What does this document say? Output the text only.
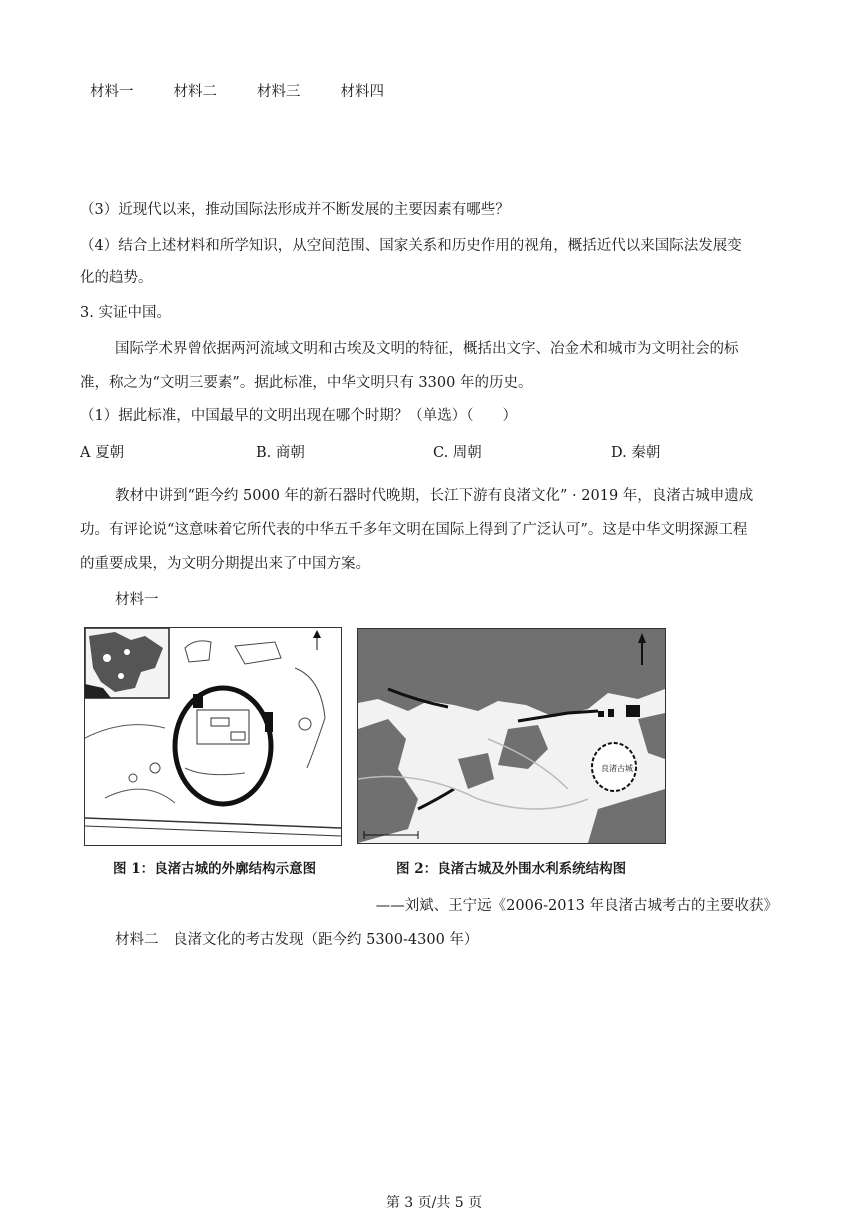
材料一	材料二	材料三	材料四
（3）近现代以来，推动国际法形成并不断发展的主要因素有哪些？
（4）结合上述材料和所学知识，从空间范围、国家关系和历史作用的视角，概括近代以来国际法发展变
化的趋势。
3. 实证中国。
国际学术界曾依据两河流域文明和古埃及文明的特征，概括出文字、冶金术和城市为文明社会的标
准，称之为“文明三要素”。据此标准，中华文明只有 3300 年的历史。
（1）据此标准，中国最早的文明出现在哪个时期？（单选）（　　）
A 夏朝	B. 商朝	C. 周朝	D. 秦朝
教材中讲到“距今约 5000 年的新石器时代晚期，长江下游有良渚文化” · 2019 年，良渚古城申遗成
功。有评论说“这意味着它所代表的中华五千多年文明在国际上得到了广泛认可”。这是中华文明探源工程
的重要成果，为文明分期提出来了中国方案。
材料一
良渚古城
图 1：良渚古城的外廓结构示意图	图 2：良渚古城及外围水利系统结构图
——刘斌、王宁远《2006-2013 年良渚古城考古的主要收获》
材料二　良渚文化的考古发现（距今约 5300-4300 年）
第 3 页/共 5 页
